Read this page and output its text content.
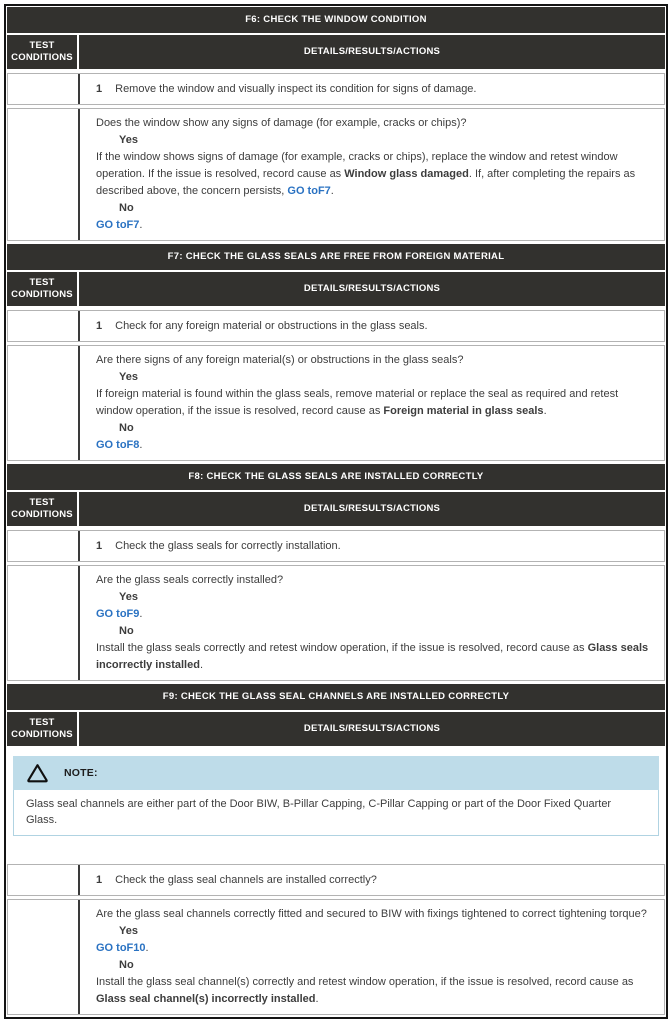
F6: CHECK THE WINDOW CONDITION
TEST CONDITIONS
DETAILS/RESULTS/ACTIONS
1 Remove the window and visually inspect its condition for signs of damage.
Does the window show any signs of damage (for example, cracks or chips)?
Yes
If the window shows signs of damage (for example, cracks or chips), replace the window and retest window operation. If the issue is resolved, record cause as Window glass damaged. If, after completing the repairs as described above, the concern persists, GO toF7.
No
GO toF7.
F7: CHECK THE GLASS SEALS ARE FREE FROM FOREIGN MATERIAL
TEST CONDITIONS
DETAILS/RESULTS/ACTIONS
1 Check for any foreign material or obstructions in the glass seals.
Are there signs of any foreign material(s) or obstructions in the glass seals?
Yes
If foreign material is found within the glass seals, remove material or replace the seal as required and retest window operation, if the issue is resolved, record cause as Foreign material in glass seals.
No
GO toF8.
F8: CHECK THE GLASS SEALS ARE INSTALLED CORRECTLY
TEST CONDITIONS
DETAILS/RESULTS/ACTIONS
1 Check the glass seals for correctly installation.
Are the glass seals correctly installed?
Yes
GO toF9.
No
Install the glass seals correctly and retest window operation, if the issue is resolved, record cause as Glass seals incorrectly installed.
F9: CHECK THE GLASS SEAL CHANNELS ARE INSTALLED CORRECTLY
TEST CONDITIONS
DETAILS/RESULTS/ACTIONS
NOTE:
Glass seal channels are either part of the Door BIW, B-Pillar Capping, C-Pillar Capping or part of the Door Fixed Quarter Glass.
1 Check the glass seal channels are installed correctly?
Are the glass seal channels correctly fitted and secured to BIW with fixings tightened to correct tightening torque?
Yes
GO toF10.
No
Install the glass seal channel(s) correctly and retest window operation, if the issue is resolved, record cause as Glass seal channel(s) incorrectly installed.
